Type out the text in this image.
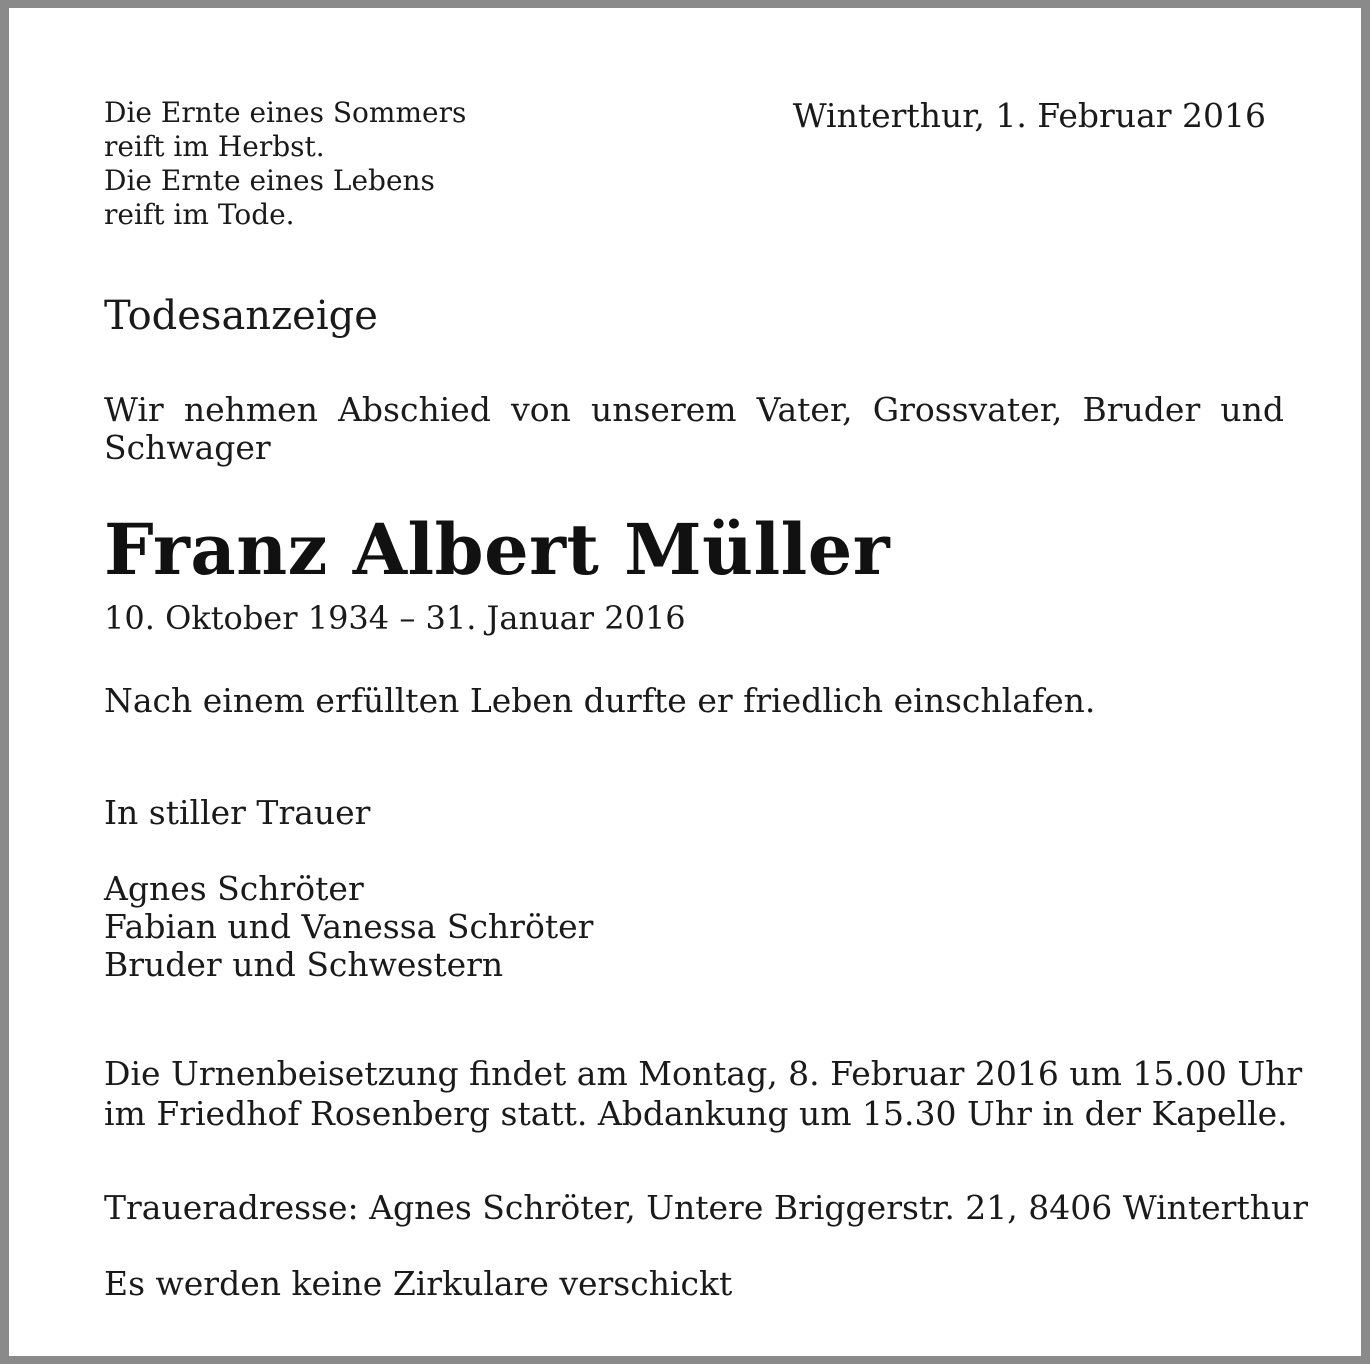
Die Ernte eines Sommers
reift im Herbst.
Die Ernte eines Lebens
reift im Tode.
Winterthur, 1. Februar 2016
Todesanzeige
Wir nehmen Abschied von unserem Vater, Grossvater, Bruder und
Schwager
Franz Albert Müller
10. Oktober 1934 – 31. Januar 2016
Nach einem erfüllten Leben durfte er friedlich einschlafen.
In stiller Trauer
Agnes Schröter
Fabian und Vanessa Schröter
Bruder und Schwestern
Die Urnenbeisetzung findet am Montag, 8. Februar 2016 um 15.00 Uhr
im Friedhof Rosenberg statt. Abdankung um 15.30 Uhr in der Kapelle.
Traueradresse: Agnes Schröter, Untere Briggerstr. 21, 8406 Winterthur
Es werden keine Zirkulare verschickt
